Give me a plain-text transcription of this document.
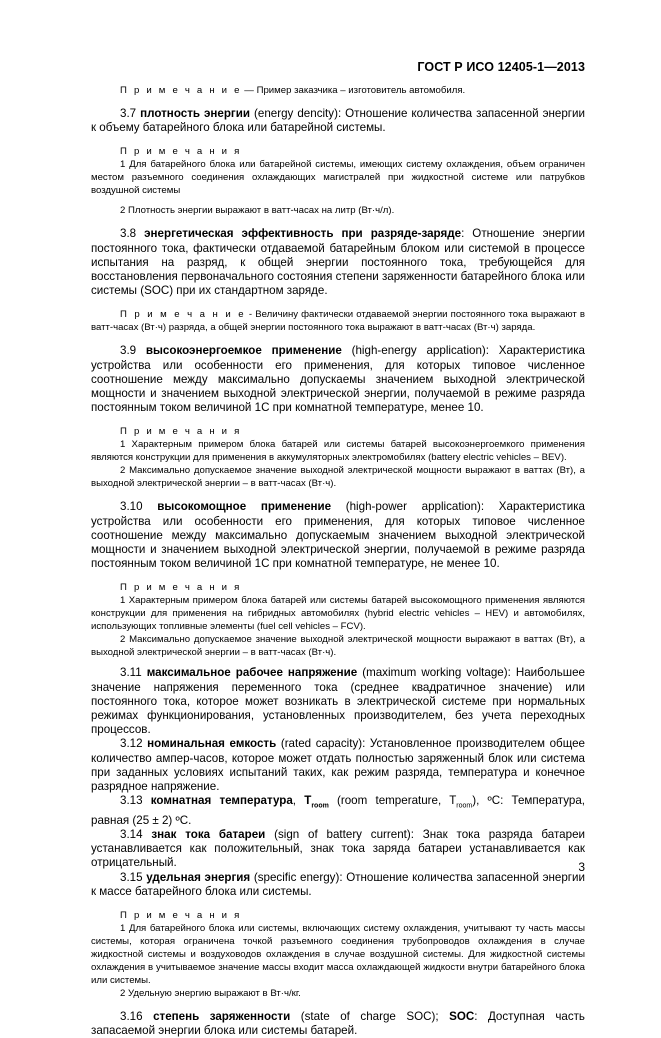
ГОСТ Р ИСО 12405-1—2013

П р и м е ч а н и е — Пример заказчика – изготовитель автомобиля.

3.7 плотность энергии (energy dencity): Отношение количества запасенной энергии к объему батарейного блока или батарейной системы.

П р и м е ч а н и я

1 Для батарейного блока или батарейной системы, имеющих систему охлаждения, объем ограничен местом разъемного соединения охлаждающих магистралей при жидкостной системе или патрубков воздушной системы

2 Плотность энергии выражают в ватт-часах на литр (Вт·ч/л).

3.8 энергетическая эффективность при разряде-заряде: Отношение энергии постоянного тока, фактически отдаваемой батарейным блоком или системой в процессе испытания на разряд, к общей энергии постоянного тока, требующейся для восстановления первоначального состояния степени заряженности батарейного блока или системы (SOC) при их стандартном заряде.

П р и м е ч а н и е - Величину фактически отдаваемой энергии постоянного тока выражают в ватт-часах (Вт·ч) разряда, а общей энергии постоянного тока выражают в ватт-часах (Вт·ч) заряда.

3.9 высокоэнергоемкое применение (high-energy application): Характеристика устройства или особенности его применения, для которых типовое численное соотношение между максимально допускаемы значением выходной электрической мощности и значением выходной электрической энергии, получаемой в режиме разряда постоянным током величиной 1С при комнатной температуре, менее 10.

П р и м е ч а н и я

1 Характерным примером блока батарей или системы батарей высокоэнергоемкого применения являются конструкции для применения в аккумуляторных электромобилях (battery electric vehicles – BEV).

2 Максимально допускаемое значение выходной электрической мощности выражают в ваттах (Вт), а выходной электрической энергии – в ватт-часах (Вт·ч).

3.10 высокомощное применение (high-power application): Характеристика устройства или особенности его применения, для которых типовое численное соотношение между максимально допускаемым значением выходной электрической мощности и значением выходной электрической энергии, получаемой в режиме разряда постоянным током величиной 1С при комнатной температуре, не менее 10.

П р и м е ч а н и я

1 Характерным примером блока батарей или системы батарей высокомощного применения являются конструкции для применения на гибридных автомобилях (hybrid electric vehicles – HEV) и автомобилях, использующих топливные элементы (fuel cell vehicles – FCV).

2 Максимально допускаемое значение выходной электрической мощности выражают в ваттах (Вт), а выходной электрической энергии – в ватт-часах (Вт·ч).

3.11 максимальное рабочее напряжение (maximum working voltage): Наибольшее значение напряжения переменного тока (среднее квадратичное значение) или постоянного тока, которое может возникать в электрической системе при нормальных режимах функционирования, установленных производителем, без учета переходных процессов.

3.12 номинальная емкость (rated capacity): Установленное производителем общее количество ампер-часов, которое может отдать полностью заряженный блок или система при заданных условиях испытаний таких, как режим разряда, температура и конечное разрядное напряжение.

3.13 комнатная температура, $T_{room}$ (room temperature, $T_{room}$), ºС: Температура, равная (25 ± 2) ºС.

3.14 знак тока батареи (sign of battery current): Знак тока разряда батареи устанавливается как положительный, знак тока заряда батареи устанавливается как отрицательный.

3.15 удельная энергия (specific energy): Отношение количества запасенной энергии к массе батарейного блока или системы.

П р и м е ч а н и я

1 Для батарейного блока или системы, включающих систему охлаждения, учитывают ту часть массы системы, которая ограничена точкой разъемного соединения трубопроводов охлаждения в случае жидкостной системы и воздуховодов охлаждения в случае воздушной системы. Для жидкостной системы охлаждения в учитываемое значение массы входит масса охлаждающей жидкости внутри батарейного блока или системы.

2 Удельную энергию выражают в Вт·ч/кг.

3.16 степень заряженности (state of charge SOC); SOC: Доступная часть запасаемой энергии блока или системы батарей.

3
